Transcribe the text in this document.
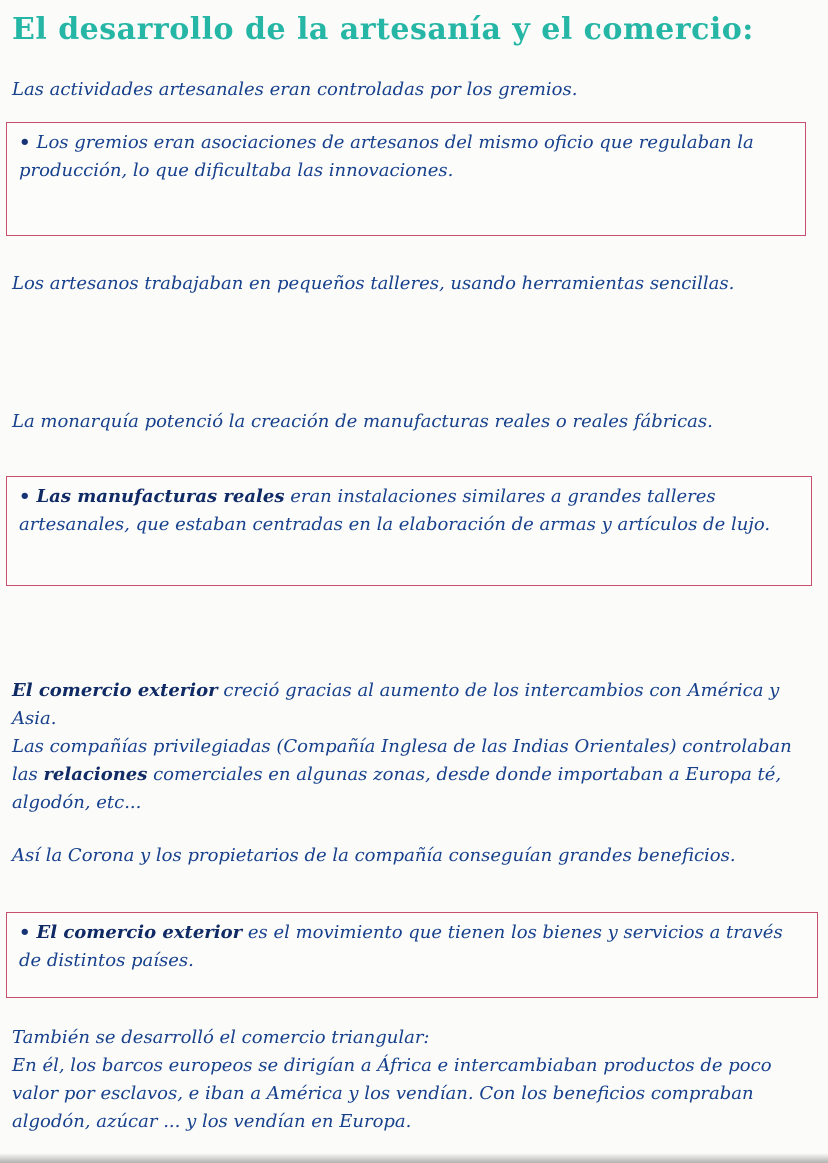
El desarrollo de la artesanía y el comercio:
Las actividades artesanales eran controladas por los gremios.
• Los gremios eran asociaciones de artesanos del mismo oficio que regulaban la producción, lo que dificultaba las innovaciones.
Los artesanos trabajaban en pequeños talleres, usando herramientas sencillas.
La monarquía potenció la creación de manufacturas reales o reales fábricas.
• Las manufacturas reales eran instalaciones similares a grandes talleres artesanales, que estaban centradas en la elaboración de armas y artículos de lujo.
El comercio exterior creció gracias al aumento de los intercambios con América y Asia.
Las compañías privilegiadas (Compañía Inglesa de las Indias Orientales) controlaban las relaciones comerciales en algunas zonas, desde donde importaban a Europa té, algodón, etc...
Así la Corona y los propietarios de la compañía conseguían grandes beneficios.
• El comercio exterior es el movimiento que tienen los bienes y servicios a través de distintos países.
También se desarrolló el comercio triangular:
En él, los barcos europeos se dirigían a África e intercambiaban productos de poco valor por esclavos, e iban a América y los vendían. Con los beneficios compraban algodón, azúcar ... y los vendían en Europa.
